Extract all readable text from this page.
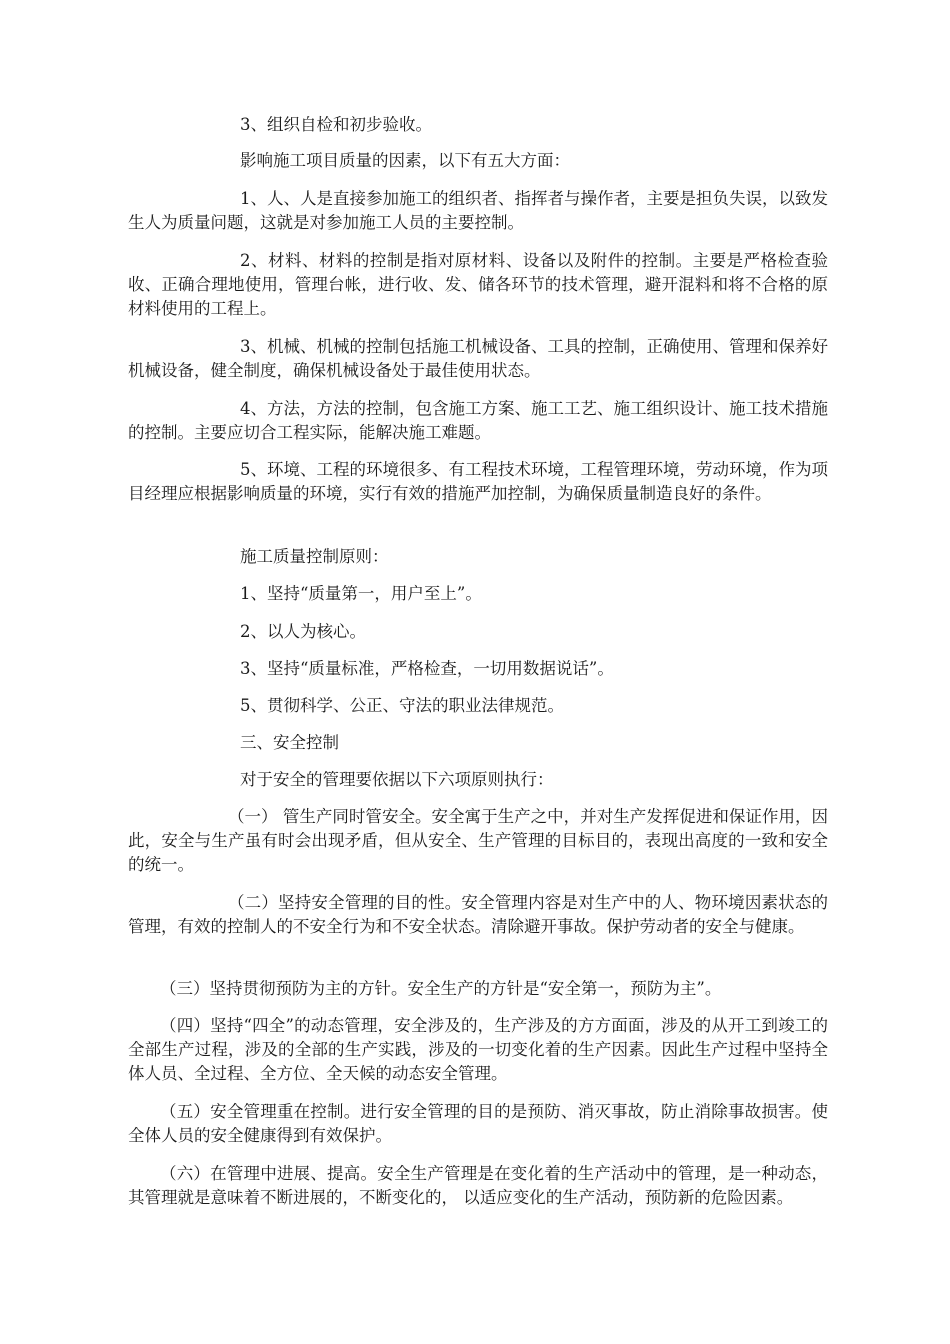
3、组织自检和初步验收。

影响施工项目质量的因素，以下有五大方面：

1、人、人是直接参加施工的组织者、指挥者与操作者，主要是担负失误，以致发生人为质量问题，这就是对参加施工人员的主要控制。

2、材料、材料的控制是指对原材料、设备以及附件的控制。主要是严格检查验收、正确合理地使用，管理台帐，进行收、发、储各环节的技术管理，避开混料和将不合格的原材料使用的工程上。

3、机械、机械的控制包括施工机械设备、工具的控制，正确使用、管理和保养好机械设备，健全制度，确保机械设备处于最佳使用状态。

4、方法，方法的控制，包含施工方案、施工工艺、施工组织设计、施工技术措施的控制。主要应切合工程实际，能解决施工难题。

5、环境、工程的环境很多、有工程技术环境，工程管理环境，劳动环境，作为项目经理应根据影响质量的环境，实行有效的措施严加控制，为确保质量制造良好的条件。

施工质量控制原则：

1、坚持“质量第一，用户至上”。

2、以人为核心。

3、坚持“质量标准，严格检查，一切用数据说话”。

5、贯彻科学、公正、守法的职业法律规范。

三、安全控制

对于安全的管理要依据以下六项原则执行：

（一） 管生产同时管安全。安全寓于生产之中，并对生产发挥促进和保证作用，因此，安全与生产虽有时会出现矛盾，但从安全、生产管理的目标目的，表现出高度的一致和安全的统一。

（二）坚持安全管理的目的性。安全管理内容是对生产中的人、物环境因素状态的管理，有效的控制人的不安全行为和不安全状态。清除避开事故。保护劳动者的安全与健康。

（三）坚持贯彻预防为主的方针。安全生产的方针是“安全第一，预防为主”。

（四）坚持“四全”的动态管理，安全涉及的，生产涉及的方方面面，涉及的从开工到竣工的 全部生产过程，涉及的全部的生产实践，涉及的一切变化着的生产因素。因此生产过程中坚持全体人员、全过程、全方位、全天候的动态安全管理。

（五）安全管理重在控制。进行安全管理的目的是预防、消灭事故，防止消除事故损害。使全体人员的安全健康得到有效保护。

（六）在管理中进展、提高。安全生产管理是在变化着的生产活动中的管理，是一种动态，其管理就是意味着不断进展的，不断变化的， 以适应变化的生产活动，预防新的危险因素。
